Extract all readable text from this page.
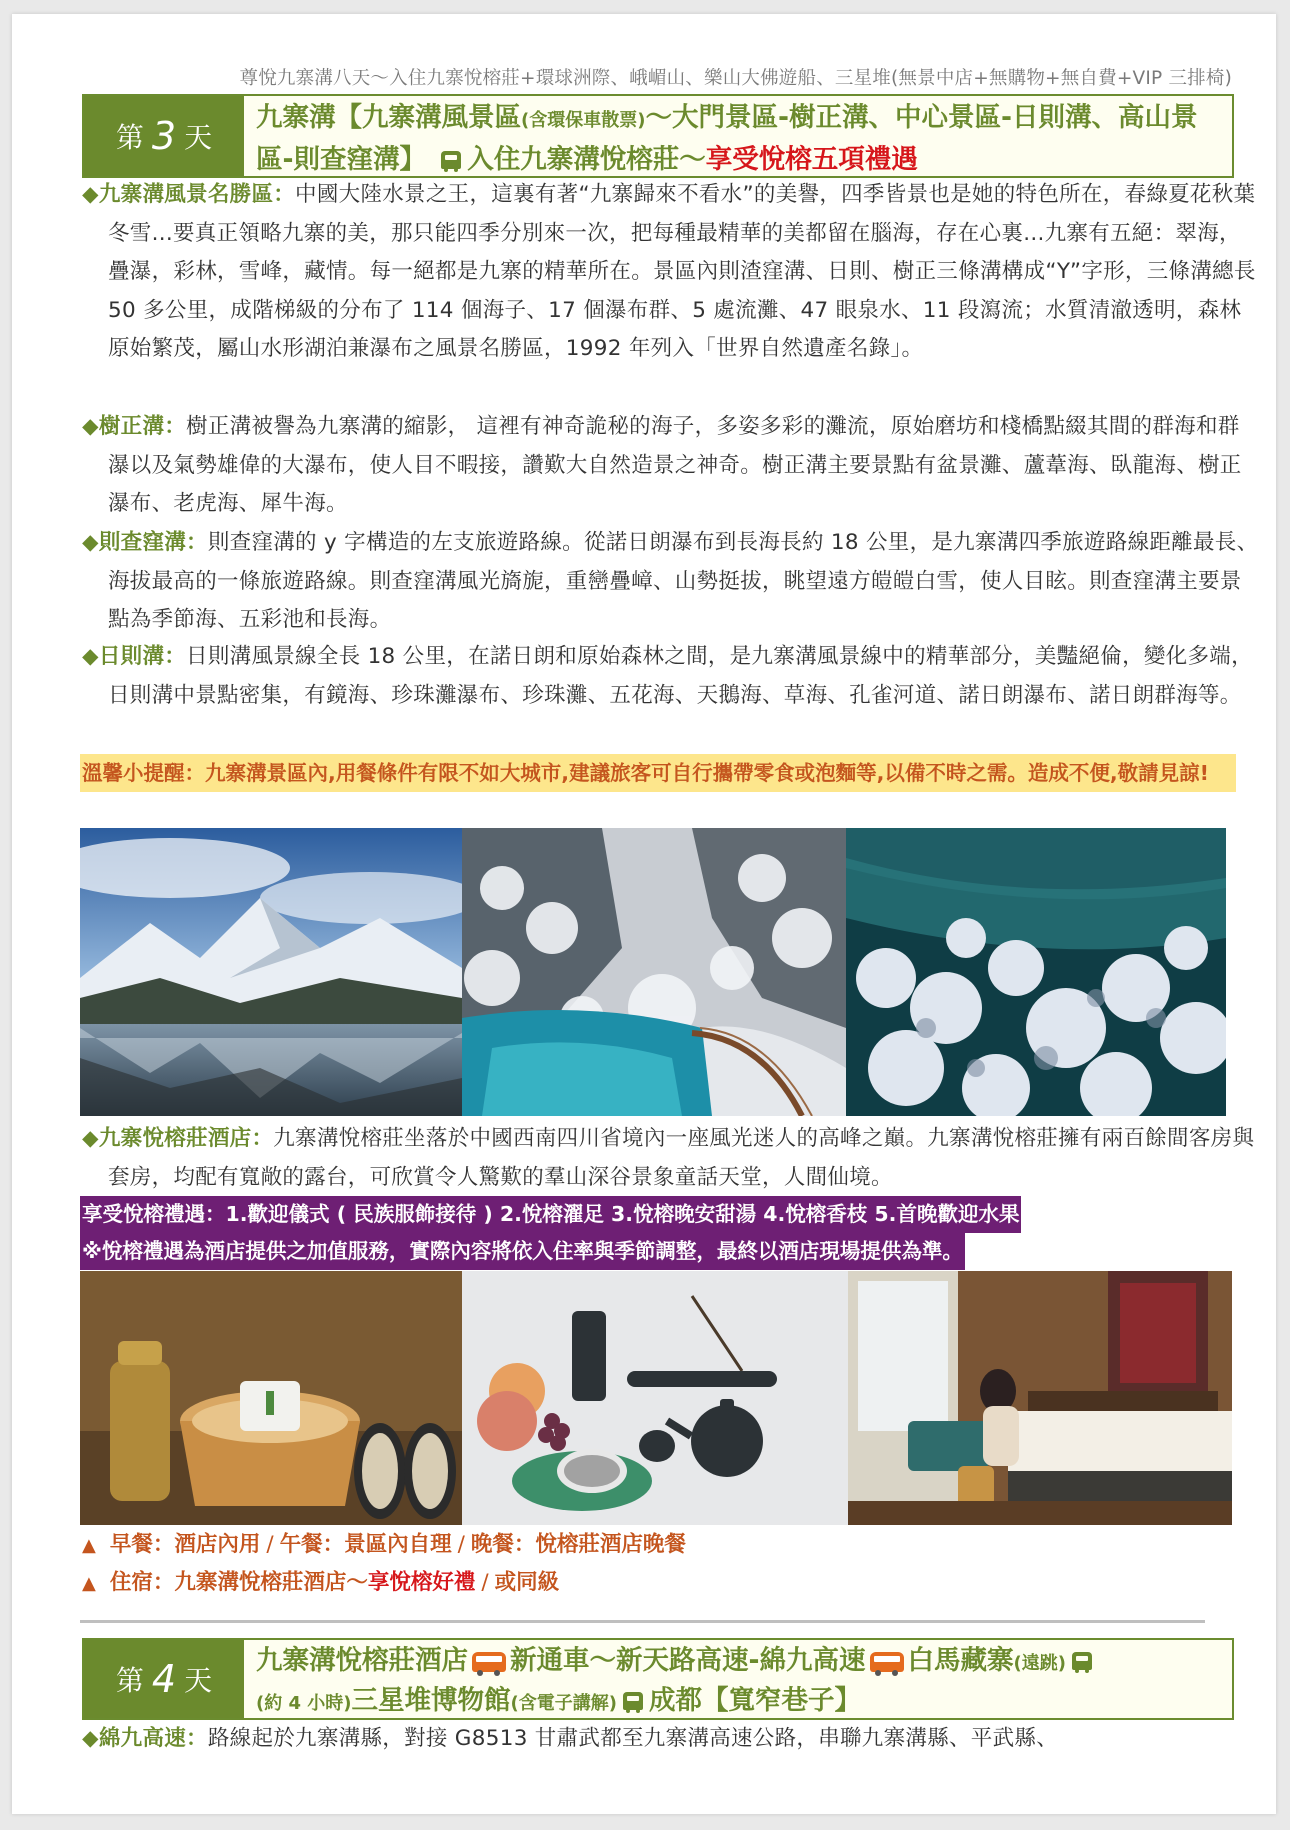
尊悅九寨溝八天～入住九寨悅榕莊+環球洲際、峨嵋山、樂山大佛遊船、三星堆(無景中店+無購物+無自費+VIP 三排椅)
第 3 天
九寨溝【九寨溝風景區(含環保車散票)～大門景區-樹正溝、中心景區-日則溝、高山景區-則查窪溝】 入住九寨溝悅榕莊～享受悅榕五項禮遇
◆九寨溝風景名勝區：中國大陸水景之王，這裏有著“九寨歸來不看水”的美譽，四季皆景也是她的特色所在，春綠夏花秋葉冬雪...要真正領略九寨的美，那只能四季分別來一次，把每種最精華的美都留在腦海，存在心裏...九寨有五絕：翠海，疊瀑，彩林，雪峰，藏情。每一絕都是九寨的精華所在。景區內則渣窪溝、日則、樹正三條溝構成“Y”字形，三條溝總長 50 多公里，成階梯級的分布了 114 個海子、17 個瀑布群、5 處流灘、47 眼泉水、11 段瀉流；水質清澈透明，森林原始繁茂，屬山水形湖泊兼瀑布之風景名勝區，1992 年列入「世界自然遺產名錄」。
◆樹正溝：樹正溝被譽為九寨溝的縮影， 這裡有神奇詭秘的海子，多姿多彩的灘流，原始磨坊和棧橋點綴其間的群海和群瀑以及氣勢雄偉的大瀑布，使人目不暇接，讚歎大自然造景之神奇。樹正溝主要景點有盆景灘、蘆葦海、臥龍海、樹正瀑布、老虎海、犀牛海。
◆則查窪溝：則查窪溝的 y 字構造的左支旅遊路線。從諾日朗瀑布到長海長約 18 公里，是九寨溝四季旅遊路線距離最長、海拔最高的一條旅遊路線。則查窪溝風光旖旎，重巒疊嶂、山勢挺拔，眺望遠方皚皚白雪，使人目眩。則查窪溝主要景點為季節海、五彩池和長海。
◆日則溝：日則溝風景線全長 18 公里，在諾日朗和原始森林之間，是九寨溝風景線中的精華部分，美豔絕倫，變化多端，日則溝中景點密集，有鏡海、珍珠灘瀑布、珍珠灘、五花海、天鵝海、草海、孔雀河道、諾日朗瀑布、諾日朗群海等。
溫馨小提醒：九寨溝景區內,用餐條件有限不如大城市,建議旅客可自行攜帶零食或泡麵等,以備不時之需。造成不便,敬請見諒!
◆九寨悅榕莊酒店：九寨溝悅榕莊坐落於中國西南四川省境內一座風光迷人的高峰之巔。九寨溝悅榕莊擁有兩百餘間客房與套房，均配有寬敞的露台，可欣賞令人驚歎的羣山深谷景象童話天堂，人間仙境。
享受悅榕禮遇：1.歡迎儀式 ( 民族服飾接待 ) 2.悅榕濯足 3.悅榕晚安甜湯 4.悅榕香枝 5.首晚歡迎水果
※悅榕禮遇為酒店提供之加值服務，實際內容將依入住率與季節調整，最終以酒店現場提供為準。
▲ 早餐：酒店內用 / 午餐：景區內自理 / 晚餐：悅榕莊酒店晚餐
▲ 住宿：九寨溝悅榕莊酒店～享悅榕好禮 / 或同級
第 4 天
九寨溝悅榕莊酒店 新通車～新天路高速-綿九高速 白馬藏寨(遠跳)
(約 4 小時)三星堆博物館(含電子講解) 成都【寬窄巷子】
◆綿九高速：路線起於九寨溝縣，對接 G8513 甘肅武都至九寨溝高速公路，串聯九寨溝縣、平武縣、
